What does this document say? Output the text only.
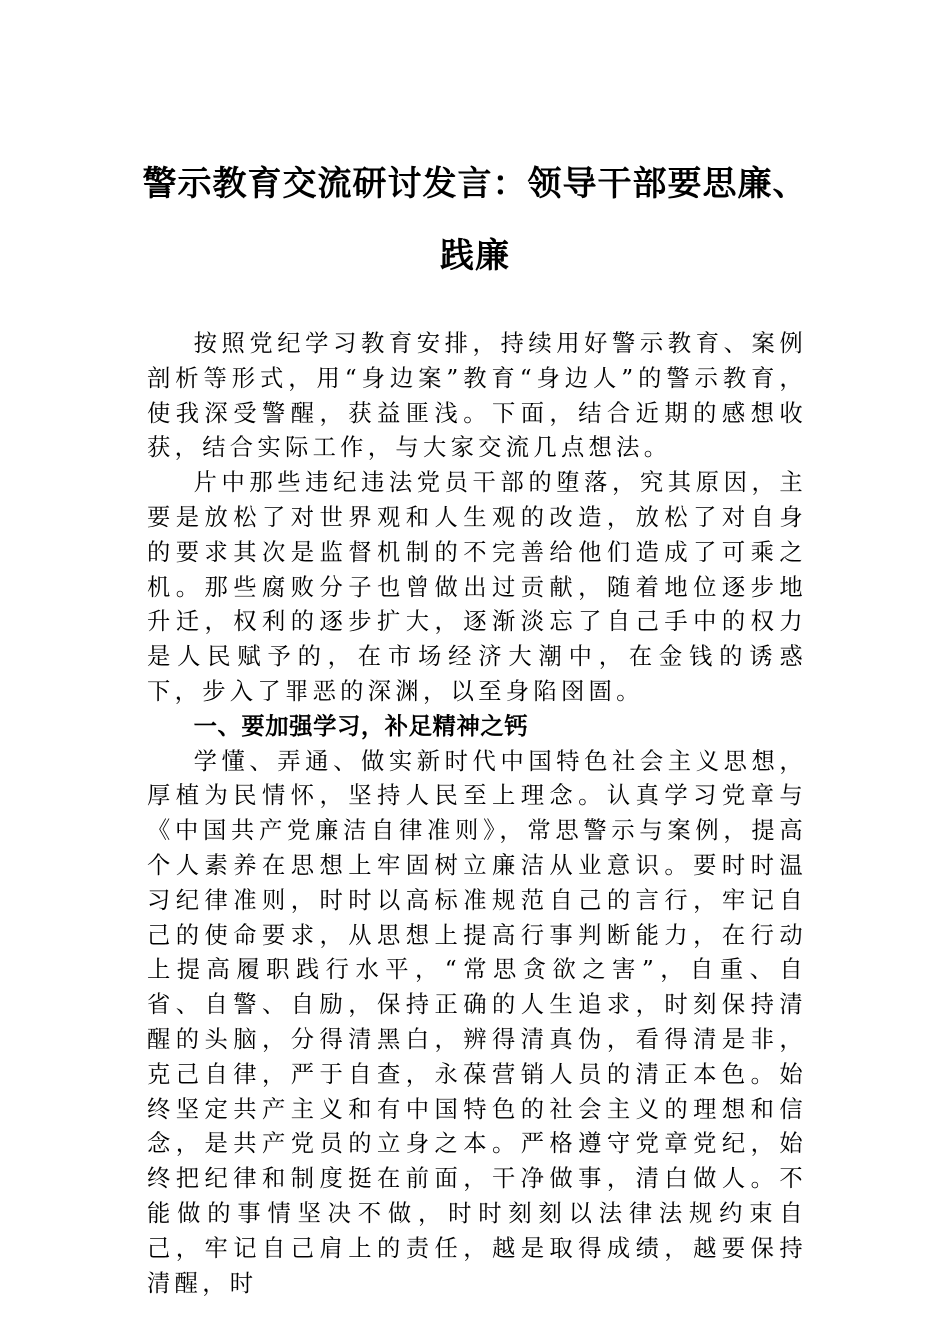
警示教育交流研讨发言：领导干部要思廉、
践廉

按照党纪学习教育安排，持续用好警示教育、案例剖析等形式，用“身边案”教育“身边人”的警示教育，使我深受警醒，获益匪浅。下面，结合近期的感想收获，结合实际工作，与大家交流几点想法。

片中那些违纪违法党员干部的堕落，究其原因，主要是放松了对世界观和人生观的改造，放松了对自身的要求其次是监督机制的不完善给他们造成了可乘之机。那些腐败分子也曾做出过贡献，随着地位逐步地升迁，权利的逐步扩大，逐渐淡忘了自己手中的权力是人民赋予的，在市场经济大潮中，在金钱的诱惑下，步入了罪恶的深渊，以至身陷囹圄。

一、要加强学习，补足精神之钙

学懂、弄通、做实新时代中国特色社会主义思想，厚植为民情怀，坚持人民至上理念。认真学习党章与《中国共产党廉洁自律准则》，常思警示与案例，提高个人素养在思想上牢固树立廉洁从业意识。要时时温习纪律准则，时时以高标准规范自己的言行，牢记自己的使命要求，从思想上提高行事判断能力，在行动上提高履职践行水平，“常思贪欲之害”，自重、自省、自警、自励，保持正确的人生追求，时刻保持清醒的头脑，分得清黑白，辨得清真伪，看得清是非，克己自律，严于自查，永葆营销人员的清正本色。始终坚定共产主义和有中国特色的社会主义的理想和信念，是共产党员的立身之本。严格遵守党章党纪，始终把纪律和制度挺在前面，干净做事，清白做人。不能做的事情坚决不做，时时刻刻以法律法规约束自己，牢记自己肩上的责任，越是取得成绩，越要保持清醒，时
